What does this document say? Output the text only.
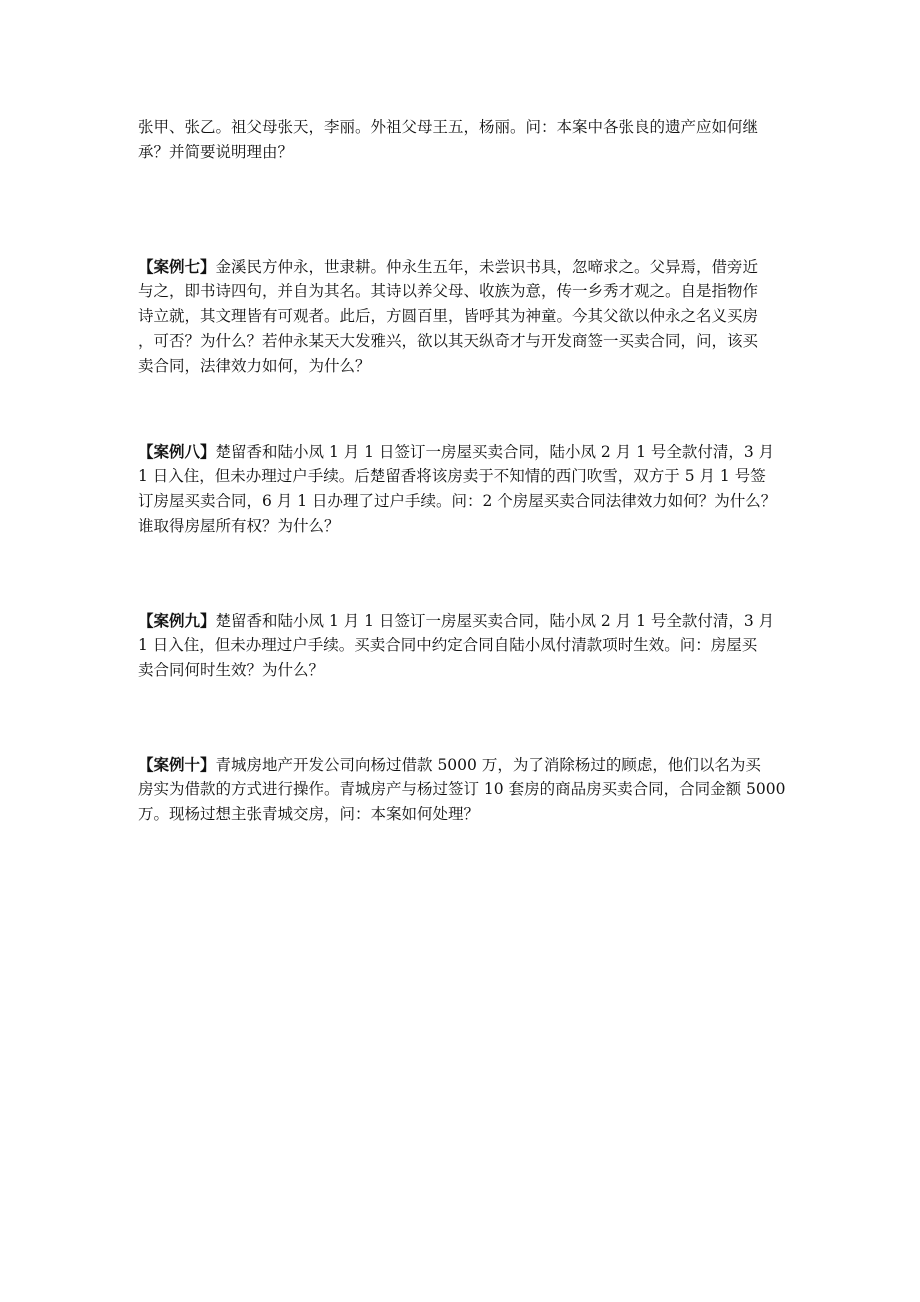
张甲、张乙。祖父母张天，李丽。外祖父母王五，杨丽。问：本案中各张良的遗产应如何继
承？并简要说明理由？
【案例七】金溪民方仲永，世隶耕。仲永生五年，未尝识书具，忽啼求之。父异焉，借旁近
与之，即书诗四句，并自为其名。其诗以养父母、收族为意，传一乡秀才观之。自是指物作
诗立就，其文理皆有可观者。此后，方圆百里，皆呼其为神童。今其父欲以仲永之名义买房
，可否？为什么？若仲永某天大发雅兴，欲以其天纵奇才与开发商签一买卖合同，问，该买
卖合同，法律效力如何，为什么？
【案例八】楚留香和陆小凤 1 月 1 日签订一房屋买卖合同，陆小凤 2 月 1 号全款付清，3 月
1 日入住，但未办理过户手续。后楚留香将该房卖于不知情的西门吹雪，双方于 5 月 1 号签
订房屋买卖合同，6 月 1 日办理了过户手续。问：2 个房屋买卖合同法律效力如何？为什么？
谁取得房屋所有权？为什么？
【案例九】楚留香和陆小凤 1 月 1 日签订一房屋买卖合同，陆小凤 2 月 1 号全款付清，3 月
1 日入住，但未办理过户手续。买卖合同中约定合同自陆小凤付清款项时生效。问：房屋买
卖合同何时生效？为什么？
【案例十】青城房地产开发公司向杨过借款 5000 万，为了消除杨过的顾虑，他们以名为买
房实为借款的方式进行操作。青城房产与杨过签订 10 套房的商品房买卖合同，合同金额 5000
万。现杨过想主张青城交房，问：本案如何处理？
